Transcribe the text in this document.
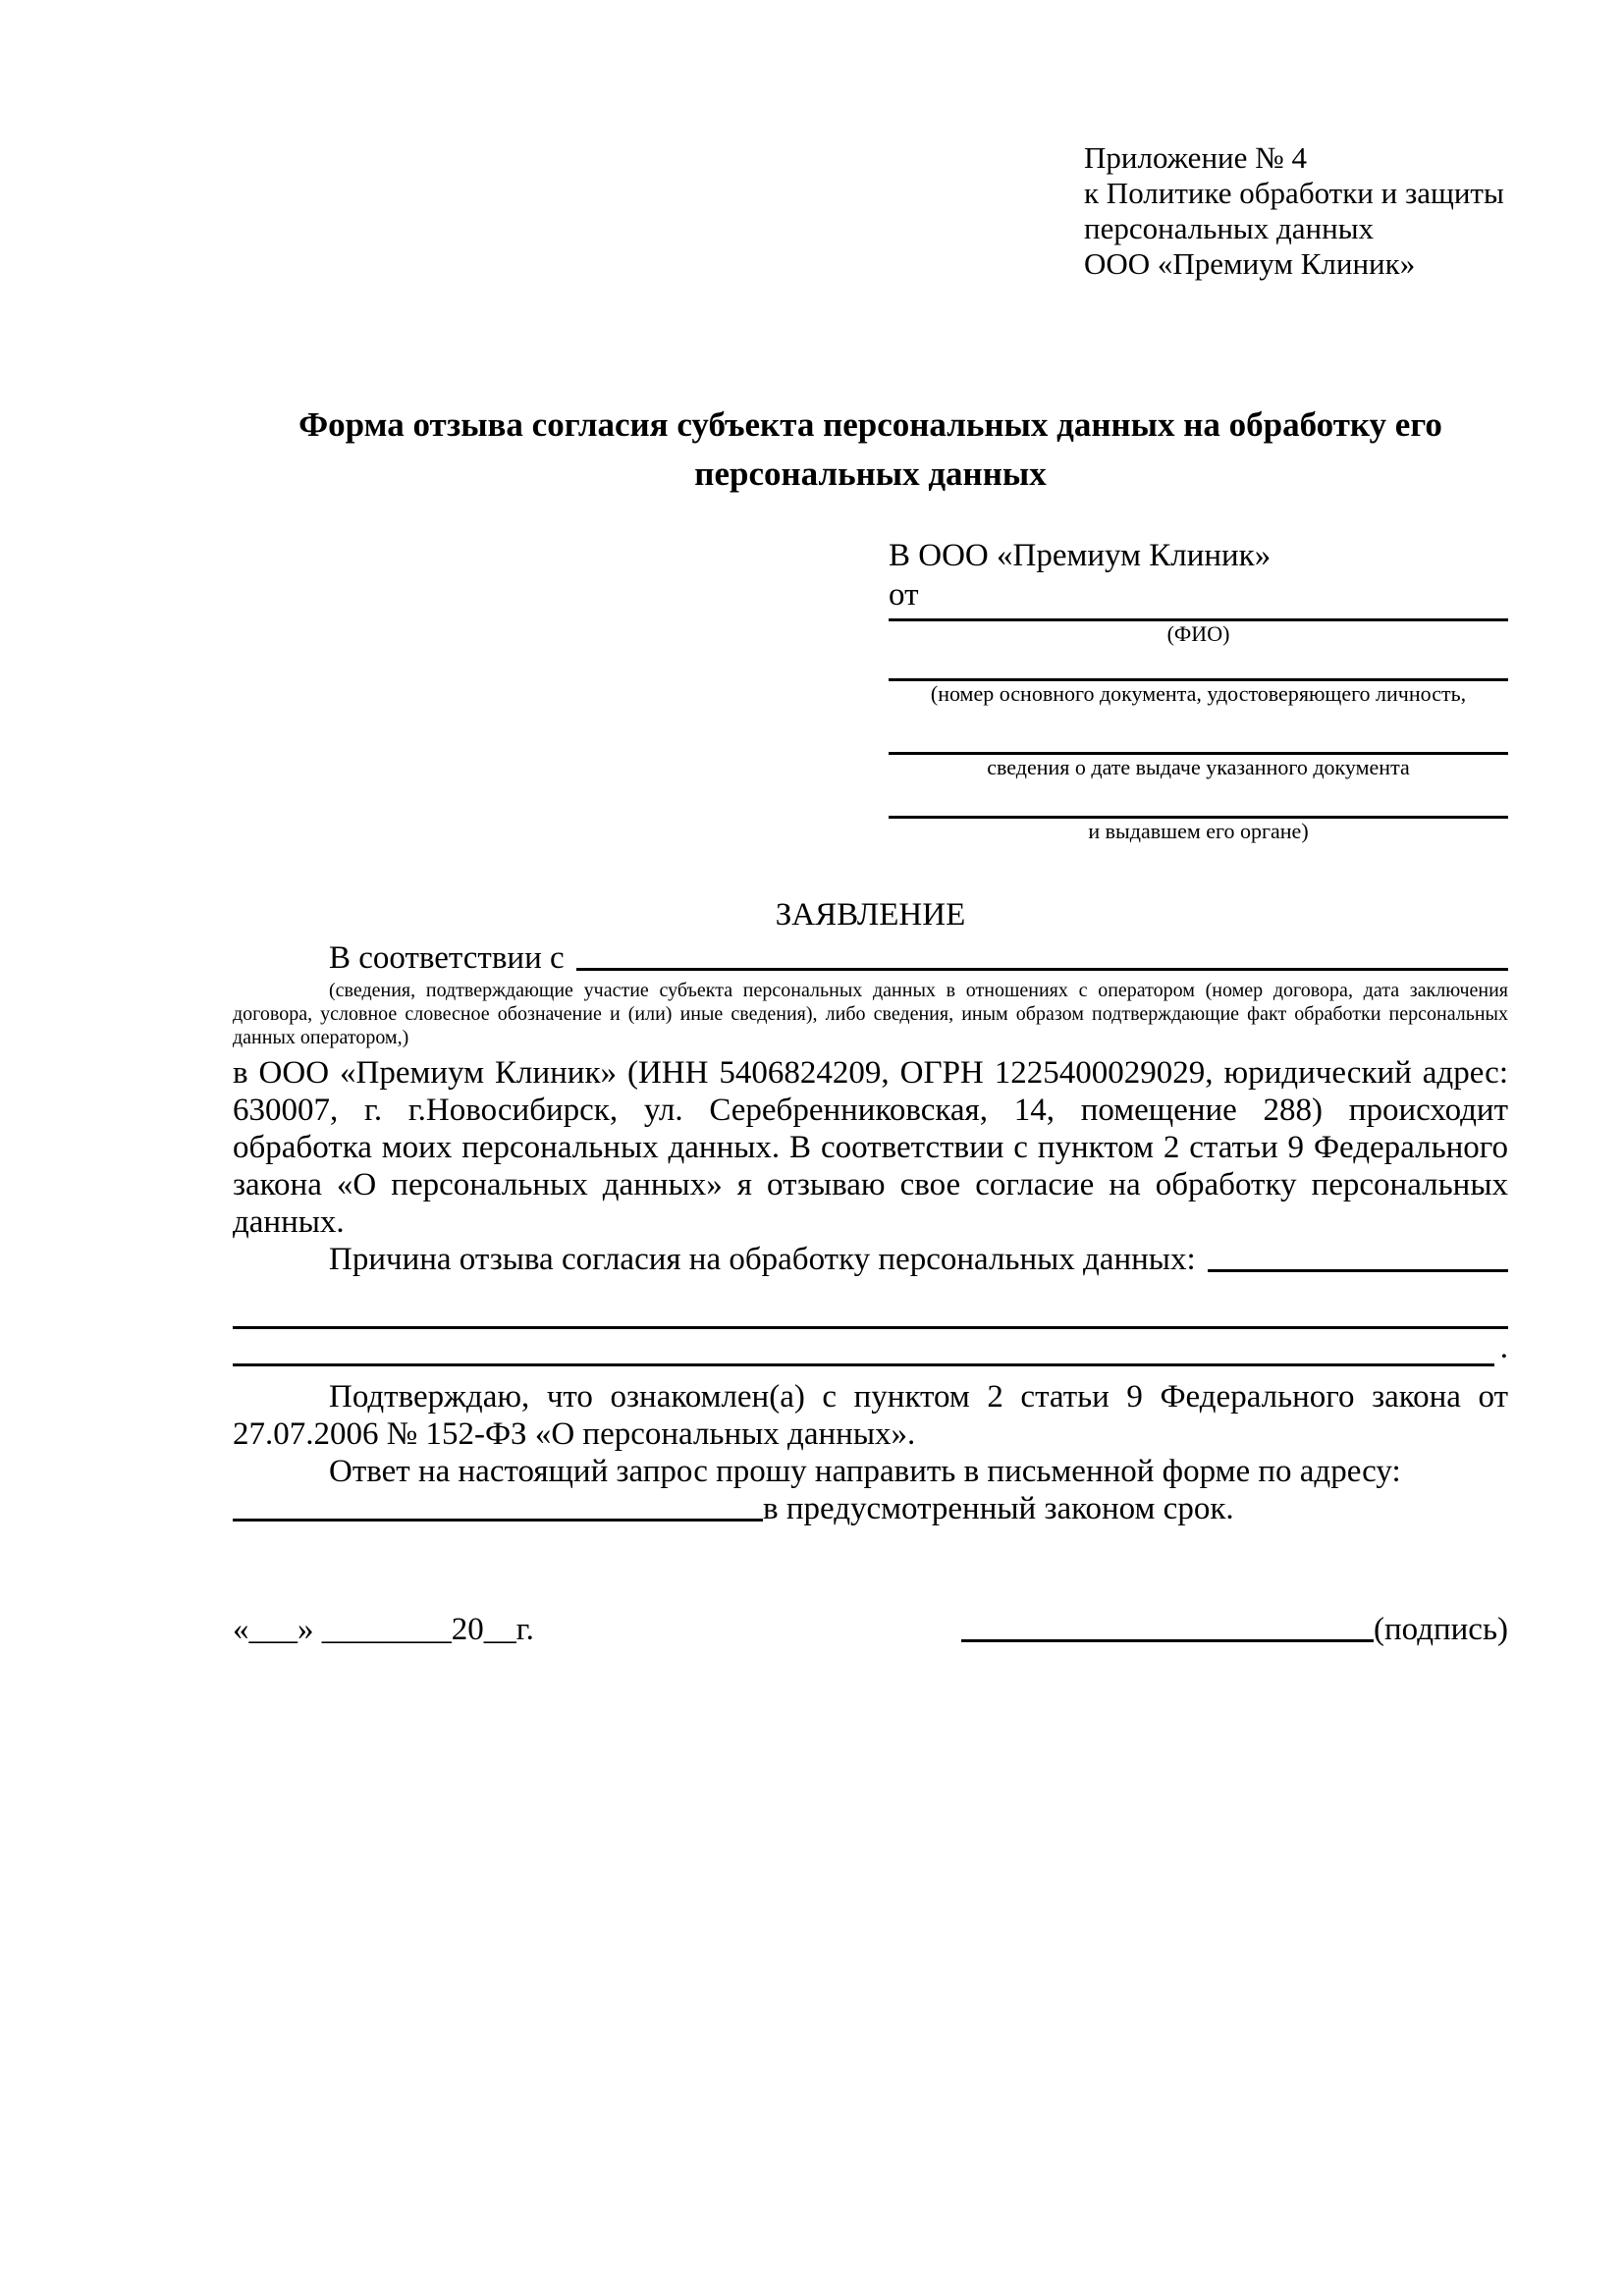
Приложение № 4
к Политике обработки и защиты
персональных данных
ООО «Премиум Клиник»
Форма отзыва согласия субъекта персональных данных на обработку его персональных данных
В ООО «Премиум Клиник»
от
(ФИО)
(номер основного документа, удостоверяющего личность,
сведения о дате выдаче указанного документа
и выдавшем его органе)
ЗАЯВЛЕНИЕ
В соответствии с
(сведения, подтверждающие участие субъекта персональных данных в отношениях с оператором (номер договора, дата заключения договора, условное словесное обозначение и (или) иные сведения), либо сведения, иным образом подтверждающие факт обработки персональных данных оператором,)

в ООО «Премиум Клиник» (ИНН 5406824209, ОГРН 1225400029029, юридический адрес: 630007, г. г.Новосибирск, ул. Серебренниковская, 14, помещение 288) происходит обработка моих персональных данных. В соответствии с пунктом 2 статьи 9 Федерального закона «О персональных данных» я отзываю свое согласие на обработку персональных данных.

Причина отзыва согласия на обработку персональных данных:
.

Подтверждаю, что ознакомлен(а) с пунктом 2 статьи 9 Федерального закона от 27.07.2006 № 152-ФЗ «О персональных данных».

Ответ на настоящий запрос прошу направить в письменной форме по адресу:

в предусмотренный законом срок.
«___» ________20__г.	(подпись)
